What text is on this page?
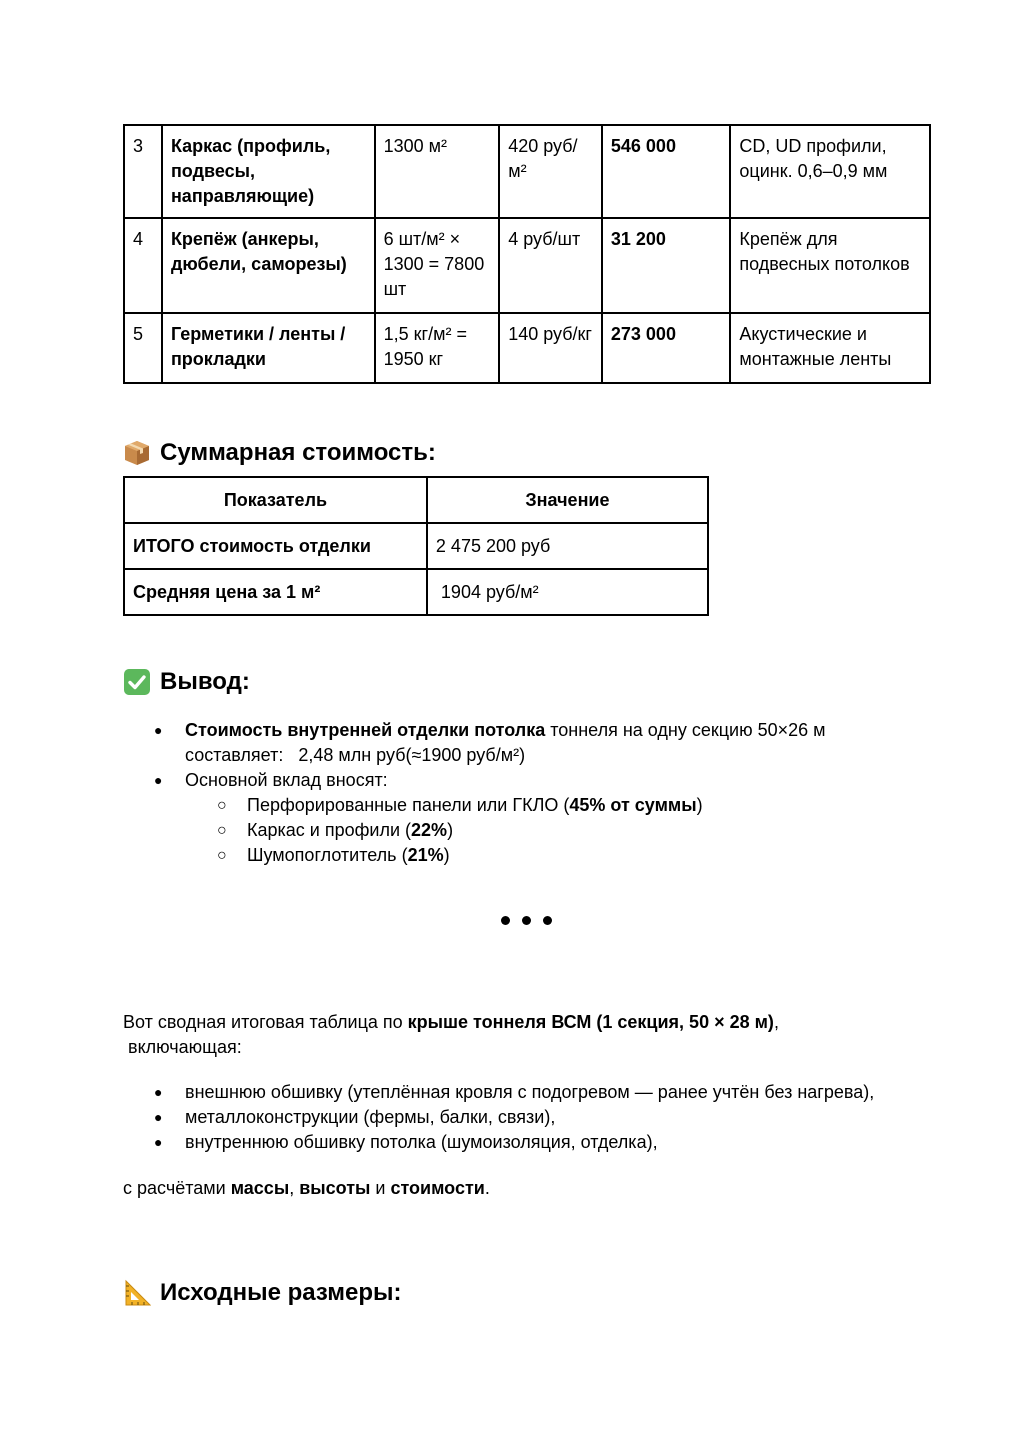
3	Каркас (профиль, подвесы, направляющие)	1300 м²	420 руб/м²	546 000	CD, UD профили, оцинк. 0,6–0,9 мм
4	Крепёж (анкеры, дюбели, саморезы)	6 шт/м² × 1300 = 7800 шт	4 руб/шт	31 200	Крепёж для подвесных потолков
5	Герметики / ленты / прокладки	1,5 кг/м² = 1950 кг	140 руб/кг	273 000	Акустические и монтажные ленты
Суммарная стоимость:
Показатель	Значение
ИТОГО стоимость отделки	2 475 200 руб
Средняя цена за 1 м²	1904 руб/м²
Вывод:
● Стоимость внутренней отделки потолка тоннеля на одну секцию 50×26 м
составляет:   2,48 млн руб(≈1900 руб/м²)
● Основной вклад вносят:
○ Перфорированные панели или ГКЛО (45% от суммы)
○ Каркас и профили (22%)
○ Шумопоглотитель (21%)

Вот сводная итоговая таблица по крыше тоннеля ВСМ (1 секция, 50 × 28 м),
включающая:

● внешнюю обшивку (утеплённая кровля с подогревом — ранее учтён без нагрева),
● металлоконструкции (фермы, балки, связи),
● внутреннюю обшивку потолка (шумоизоляция, отделка),

с расчётами массы, высоты и стоимости.

Исходные размеры:
